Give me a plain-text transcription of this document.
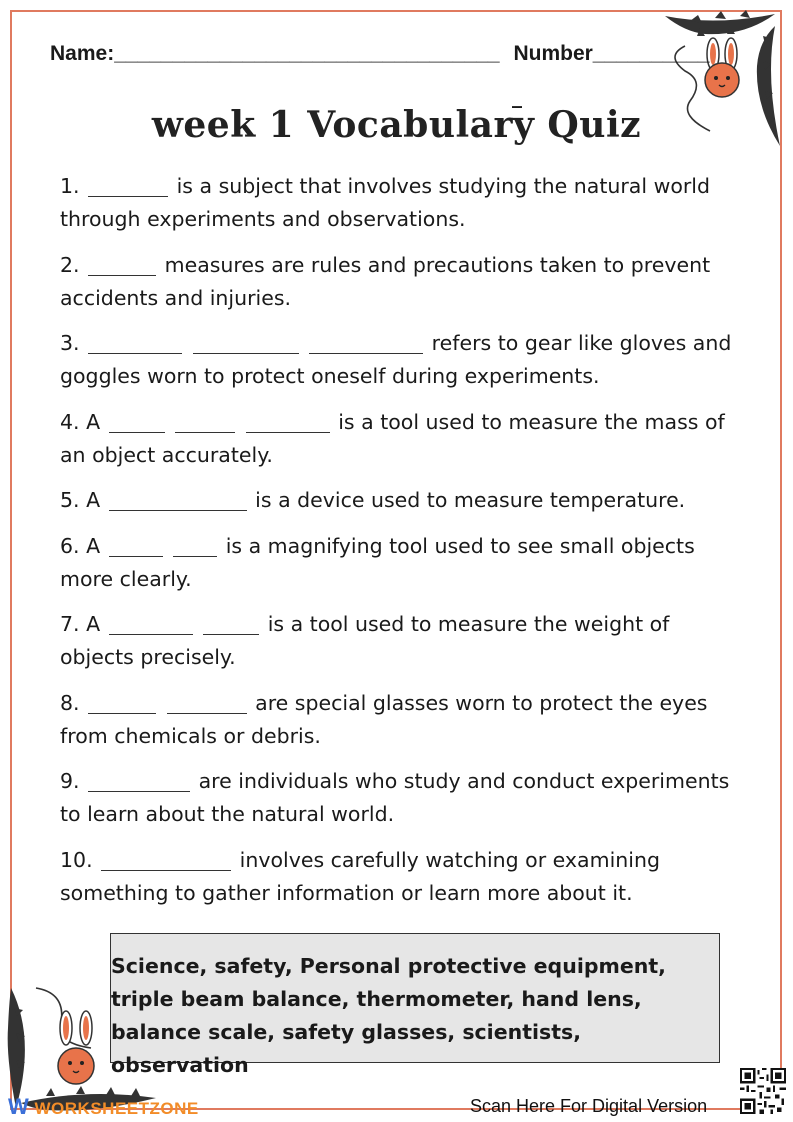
Name:_________________________________ Number__________
_
week 1 Vocabulary Quiz
1.	is a subject that involves studying the natural world through experiments and observations.
2.	measures are rules and precautions taken to prevent accidents and injuries.
3.	refers to gear like gloves and goggles worn to protect oneself during experiments.
4. A	is a tool used to measure the mass of an object accurately.
5. A	is a device used to measure temperature.
6. A	is a magnifying tool used to see small objects more clearly.
7. A	is a tool used to measure the weight of objects precisely.
8.	are special glasses worn to protect the eyes from chemicals or debris.
9.	are individuals who study and conduct experiments to learn about the natural world.
10.	involves carefully watching or examining something to gather information or learn more about it.
Science, safety, Personal protective equipment, triple beam balance, thermometer, hand lens, balance scale, safety glasses, scientists, observation
W WORKSHEETZONE	Scan Here For Digital Version
